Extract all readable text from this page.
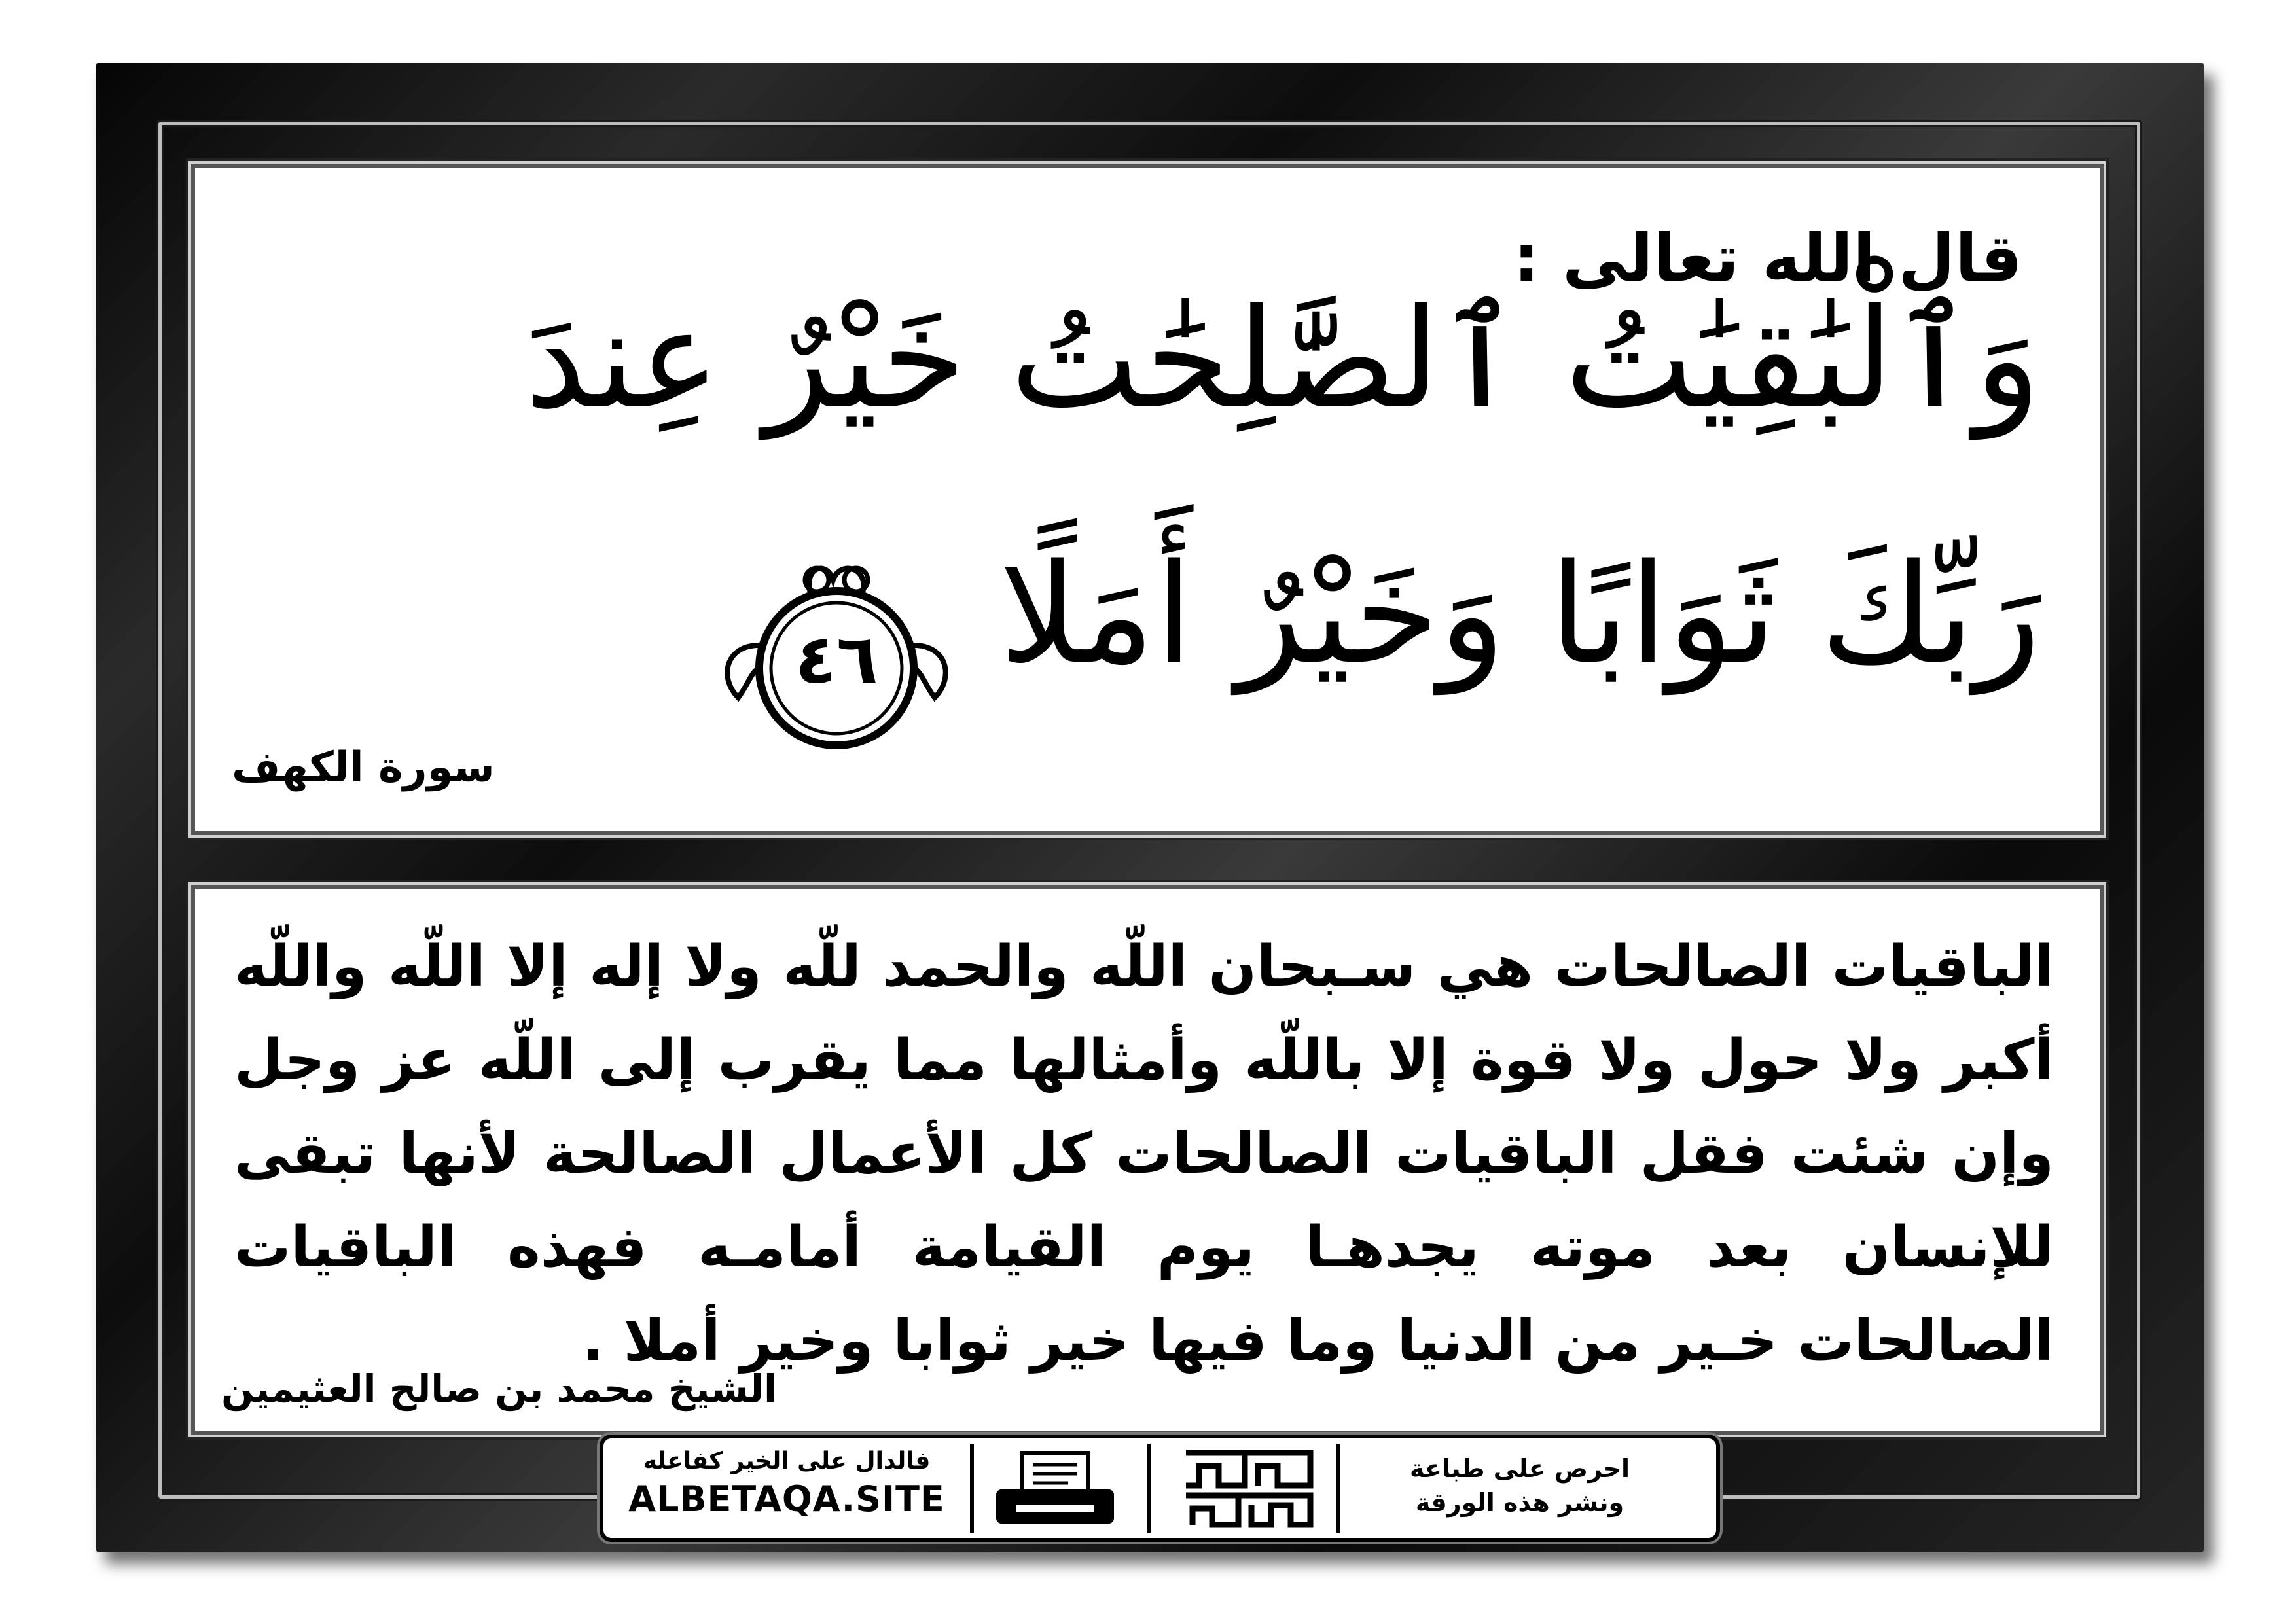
قال الله تعالى :
وَٱلْبَٰقِيَٰتُ ٱلصَّٰلِحَٰتُ خَيْرٌ عِندَ
رَبِّكَ ثَوَابًا وَخَيْرٌ أَمَلًا
٤٦
سورة الكهف
الباقيات الصالحات هي سـبحان اللّه والحمد للّه ولا إله إلا اللّه واللّه أكبر ولا حول ولا قوة إلا باللّه وأمثالها مما يقرب إلى اللّه عز وجل وإن شئت فقل الباقيات الصالحات كل الأعمال الصالحة لأنها تبقى للإنسان بعد موته يجدهـا يوم القيامة أمامـه فهذه الباقيات الصالحات خـير من الدنيا وما فيها خير ثوابا وخير أملا .
الشيخ محمد بن صالح العثيمين
فالدال على الخير كفاعله
ALBETAQA.SITE
احرص على طباعة
ونشر هذه الورقة
